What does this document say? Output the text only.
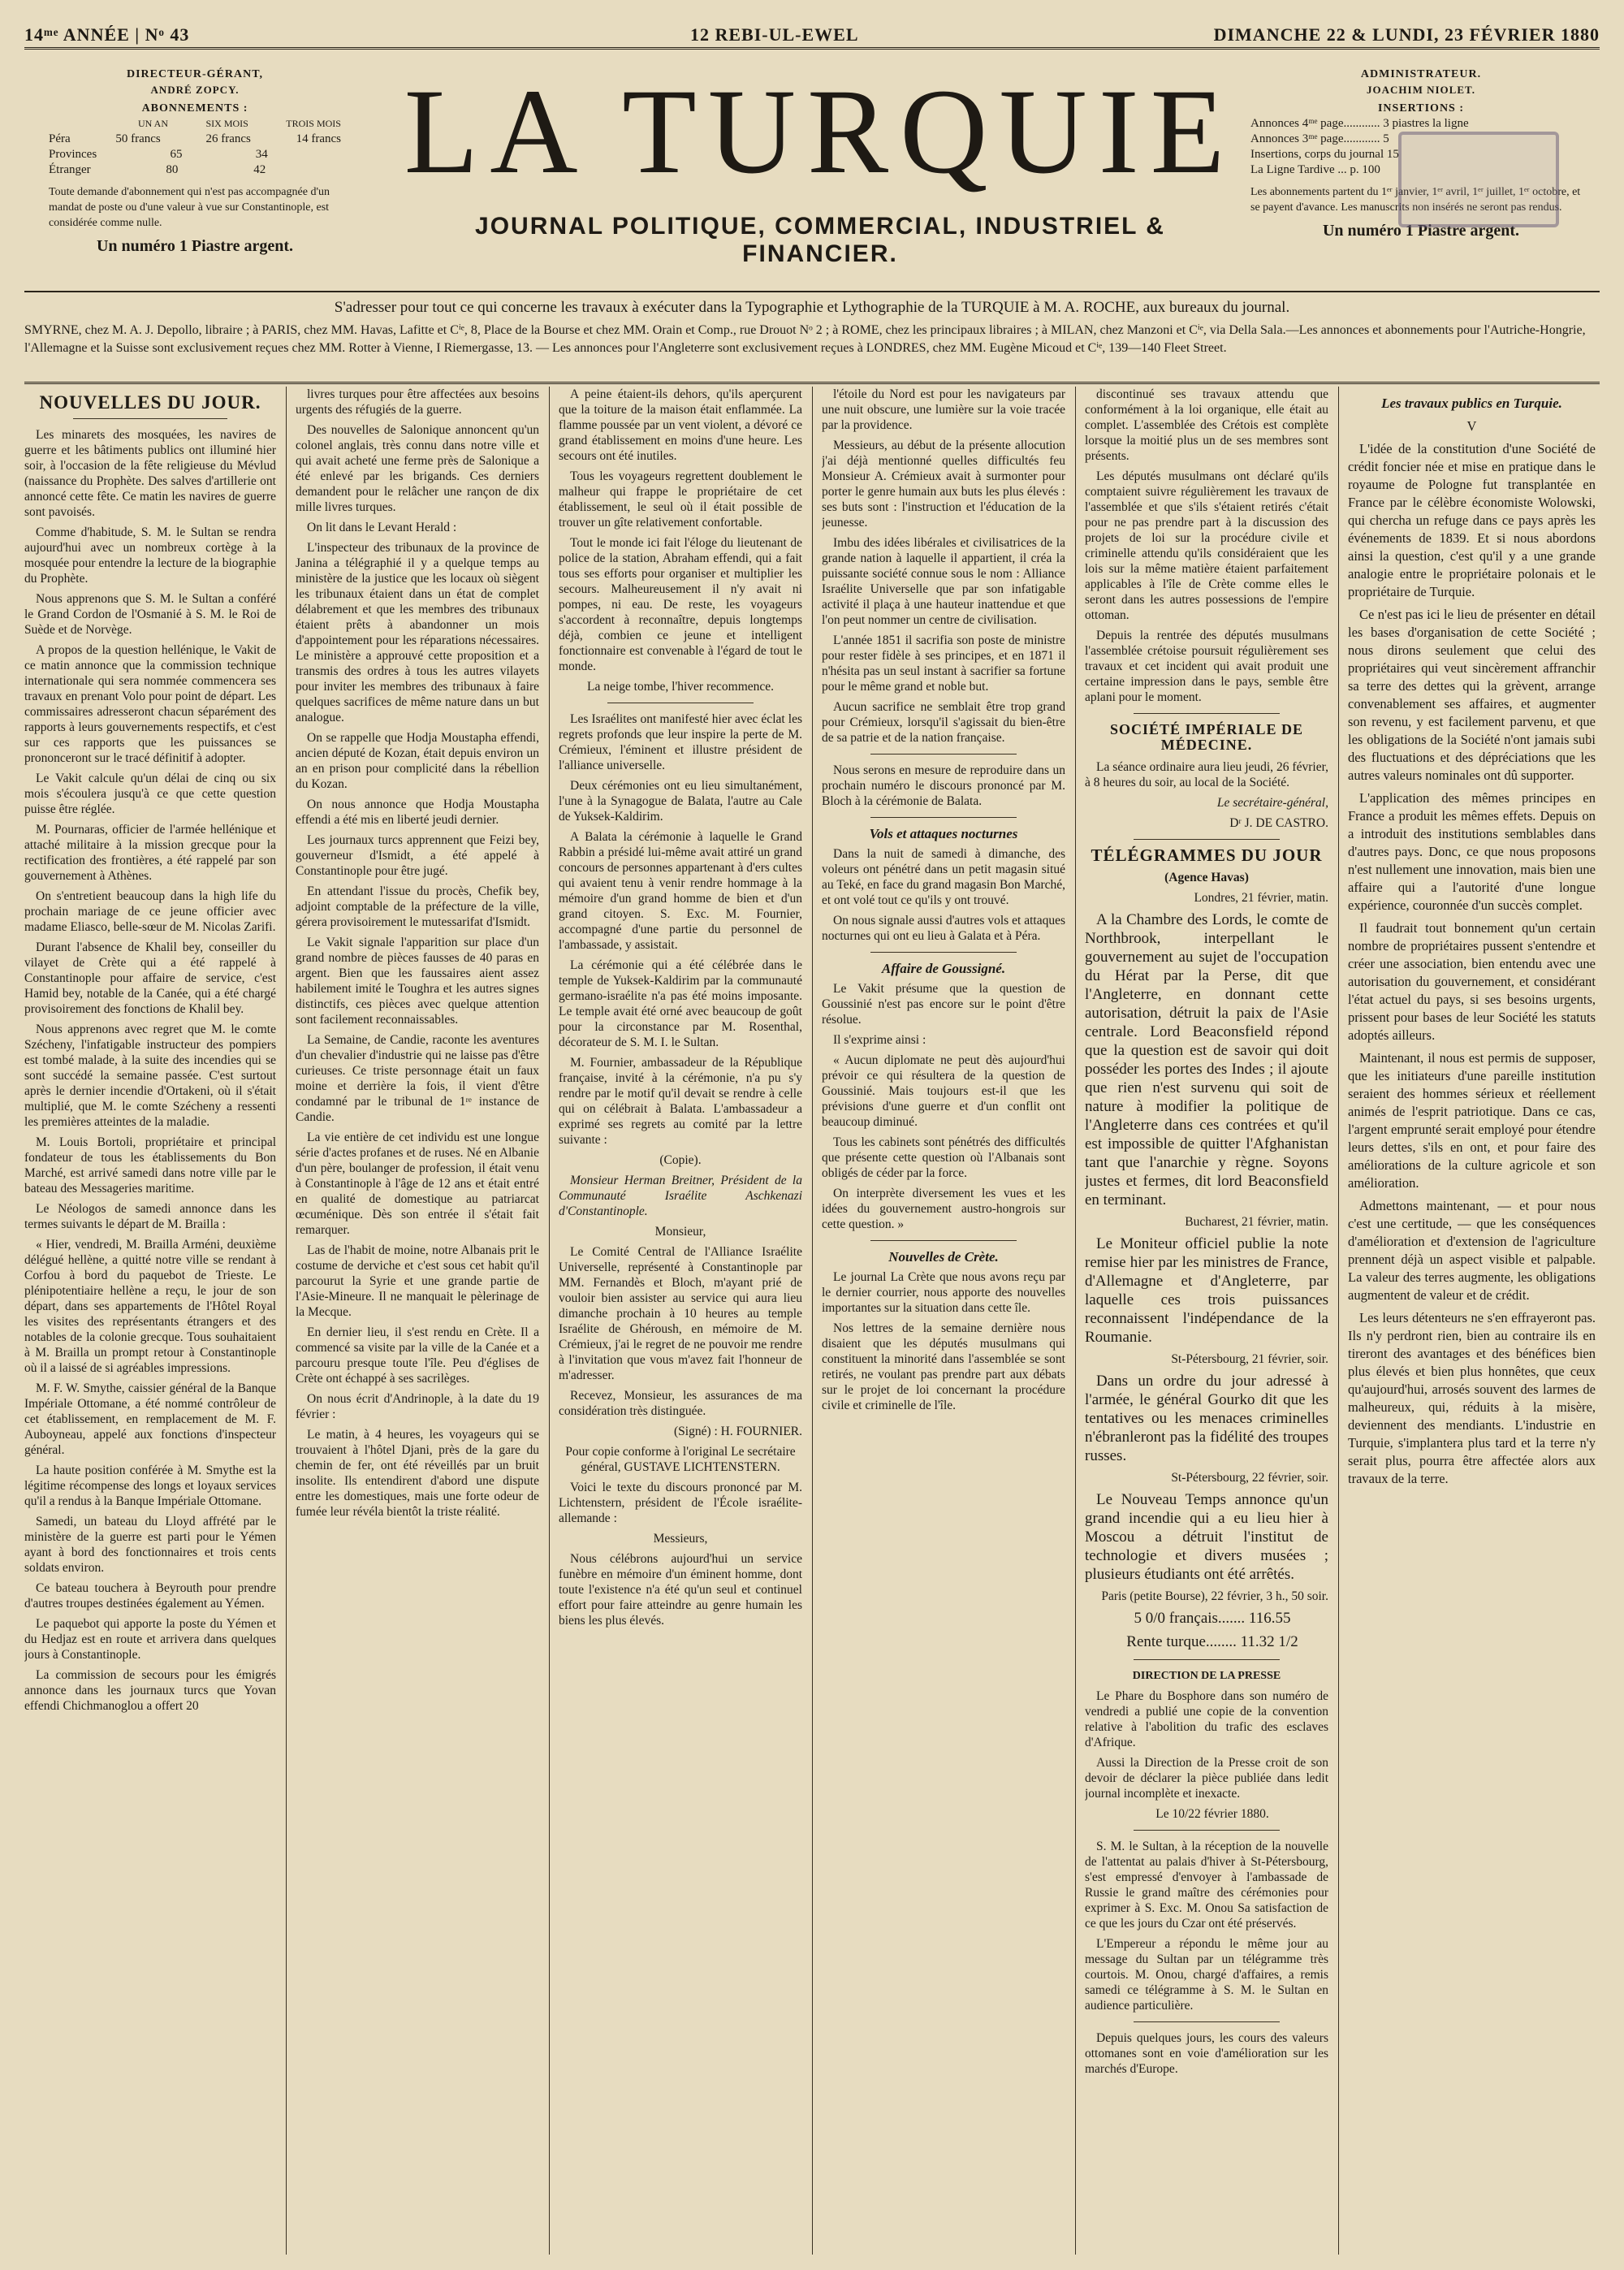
14ᵐᵉ ANNÉE | Nᵒ 43	12 REBI-UL-EWEL	DIMANCHE 22 & LUNDI, 23 FÉVRIER 1880
DIRECTEUR-GÉRANT,
ANDRÉ ZOPCY.
ABONNEMENTS :
UN AN	SIX MOIS	TROIS MOIS
Péra	50 francs	26 francs	14 francs
Provinces	65	34
Étranger	80	42
Toute demande d'abonnement qui n'est pas accompagnée d'un mandat de poste ou d'une valeur à vue sur Constantinople, est considérée comme nulle.
Un numéro 1 Piastre argent.
LA TURQUIE
JOURNAL POLITIQUE, COMMERCIAL, INDUSTRIEL & FINANCIER.
ADMINISTRATEUR.
JOACHIM NIOLET.
INSERTIONS :
Annonces 4ᵐᵉ page............ 3 piastres la ligne
Annonces 3ᵐᵉ page............ 5
Insertions, corps du journal 15
La Ligne Tardive ... p. 100
Les abonnements partent du 1ᵉʳ janvier, 1ᵉʳ avril, 1ᵉʳ juillet, 1ᵉʳ octobre, et se payent d'avance. Les manuscrits non insérés ne seront pas rendus.
Un numéro 1 Piastre argent.
S'adresser pour tout ce qui concerne les travaux à exécuter dans la Typographie et Lythographie de la TURQUIE à M. A. ROCHE, aux bureaux du journal.
SMYRNE, chez M. A. J. Depollo, libraire ; à PARIS, chez MM. Havas, Lafitte et Cⁱᵉ, 8, Place de la Bourse et chez MM. Orain et Comp., rue Drouot Nᵒ 2 ; à ROME, chez les principaux libraires ; à MILAN, chez Manzoni et Cⁱᵉ, via Della Sala.—Les annonces et abonnements pour l'Autriche-Hongrie, l'Allemagne et la Suisse sont exclusivement reçues chez MM. Rotter à Vienne, I Riemergasse, 13. — Les annonces pour l'Angleterre sont exclusivement reçues à LONDRES, chez MM. Eugène Micoud et Cⁱᵉ, 139—140 Fleet Street.
NOUVELLES DU JOUR.

Les minarets des mosquées, les navires de guerre et les bâtiments publics ont illuminé hier soir, à l'occasion de la fête religieuse du Mévlud (naissance du Prophète. Des salves d'artillerie ont annoncé cette fête. Ce matin les navires de guerre sont pavoisés.

Comme d'habitude, S. M. le Sultan se rendra aujourd'hui avec un nombreux cortège à la mosquée pour entendre la lecture de la biographie du Prophète.

Nous apprenons que S. M. le Sultan a conféré le Grand Cordon de l'Osmanié à S. M. le Roi de Suède et de Norvège.

A propos de la question hellénique, le Vakit de ce matin annonce que la commission technique internationale qui sera nommée commencera ses travaux en prenant Volo pour point de départ. Les commissaires adresseront chacun séparément des rapports à leurs gouvernements respectifs, et c'est sur ces rapports que les puissances se prononceront sur le tracé définitif à adopter.

Le Vakit calcule qu'un délai de cinq ou six mois s'écoulera jusqu'à ce que cette question puisse être réglée.

M. Pournaras, officier de l'armée hellénique et attaché militaire à la mission grecque pour la rectification des frontières, a été rappelé par son gouvernement à Athènes.

On s'entretient beaucoup dans la high life du prochain mariage de ce jeune officier avec madame Eliasco, belle-sœur de M. Nicolas Zarifi.

Durant l'absence de Khalil bey, conseiller du vilayet de Crète qui a été rappelé à Constantinople pour affaire de service, c'est Hamid bey, notable de la Canée, qui a été chargé provisoirement des fonctions de Khalil bey.

Nous apprenons avec regret que M. le comte Szécheny, l'infatigable instructeur des pompiers est tombé malade, à la suite des incendies qui se sont succédé la semaine passée. C'est surtout après le dernier incendie d'Ortakeni, où il s'était multiplié, que M. le comte Szécheny a ressenti les premières atteintes de la maladie.

M. Louis Bortoli, propriétaire et principal fondateur de tous les établissements du Bon Marché, est arrivé samedi dans notre ville par le bateau des Messageries maritime.

Le Néologos de samedi annonce dans les termes suivants le départ de M. Brailla :

« Hier, vendredi, M. Brailla Arméni, deuxième délégué hellène, a quitté notre ville se rendant à Corfou à bord du paquebot de Trieste. Le plénipotentiaire hellène a reçu, le jour de son départ, dans ses appartements de l'Hôtel Royal les visites des représentants étrangers et des notables de la colonie grecque. Tous souhaitaient à M. Brailla un prompt retour à Constantinople où il a laissé de si agréables impressions.

M. F. W. Smythe, caissier général de la Banque Impériale Ottomane, a été nommé contrôleur de cet établissement, en remplacement de M. F. Auboyneau, appelé aux fonctions d'inspecteur général.

La haute position conférée à M. Smythe est la légitime récompense des longs et loyaux services qu'il a rendus à la Banque Impériale Ottomane.

Samedi, un bateau du Lloyd affrété par le ministère de la guerre est parti pour le Yémen ayant à bord des fonctionnaires et trois cents soldats environ.

Ce bateau touchera à Beyrouth pour prendre d'autres troupes destinées également au Yémen.

Le paquebot qui apporte la poste du Yémen et du Hedjaz est en route et arrivera dans quelques jours à Constantinople.

La commission de secours pour les émigrés annonce dans les journaux turcs que Yovan effendi Chichmanoglou a offert 20

livres turques pour être affectées aux besoins urgents des réfugiés de la guerre.

Des nouvelles de Salonique annoncent qu'un colonel anglais, très connu dans notre ville et qui avait acheté une ferme près de Salonique a été enlevé par les brigands. Ces derniers demandent pour le relâcher une rançon de dix mille livres turques.

On lit dans le Levant Herald :

L'inspecteur des tribunaux de la province de Janina a télégraphié il y a quelque temps au ministère de la justice que les locaux où siègent les tribunaux étaient dans un état de complet délabrement et que les membres des tribunaux étaient prêts à abandonner un mois d'appointement pour les réparations nécessaires. Le ministère a approuvé cette proposition et a transmis des ordres à tous les autres vilayets pour inviter les membres des tribunaux à faire quelques sacrifices de même nature dans un but analogue.

On se rappelle que Hodja Moustapha effendi, ancien député de Kozan, était depuis environ un an en prison pour complicité dans la rébellion du Kozan.

On nous annonce que Hodja Moustapha effendi a été mis en liberté jeudi dernier.

Les journaux turcs apprennent que Feizi bey, gouverneur d'Ismidt, a été appelé à Constantinople pour être jugé.

En attendant l'issue du procès, Chefik bey, adjoint comptable de la préfecture de la ville, gérera provisoirement le mutessarifat d'Ismidt.

Le Vakit signale l'apparition sur place d'un grand nombre de pièces fausses de 40 paras en argent. Bien que les faussaires aient assez habilement imité le Toughra et les autres signes distinctifs, ces pièces avec quelque attention sont facilement reconnaissables.

La Semaine, de Candie, raconte les aventures d'un chevalier d'industrie qui ne laisse pas d'être curieuses. Ce triste personnage était un faux moine et derrière la fois, il vient d'être condamné par le tribunal de 1ʳᵉ instance de Candie.

La vie entière de cet individu est une longue série d'actes profanes et de ruses. Né en Albanie d'un père, boulanger de profession, il était venu à Constantinople à l'âge de 12 ans et était entré en qualité de domestique au patriarcat œcuménique. Dès son entrée il s'était fait remarquer.

Las de l'habit de moine, notre Albanais prit le costume de derviche et c'est sous cet habit qu'il parcourut la Syrie et une grande partie de l'Asie-Mineure. Il ne manquait le pèlerinage de la Mecque.

En dernier lieu, il s'est rendu en Crète. Il a commencé sa visite par la ville de la Canée et a parcouru presque toute l'île. Peu d'églises de Crète ont échappé à ses sacrilèges.

On nous écrit d'Andrinople, à la date du 19 février :

Le matin, à 4 heures, les voyageurs qui se trouvaient à l'hôtel Djani, près de la gare du chemin de fer, ont été réveillés par un bruit insolite. Ils entendirent d'abord une dispute entre les domestiques, mais une forte odeur de fumée leur révéla bientôt la triste réalité.

A peine étaient-ils dehors, qu'ils aperçurent que la toiture de la maison était enflammée. La flamme poussée par un vent violent, a dévoré ce grand établissement en moins d'une heure. Les secours ont été inutiles.

Tous les voyageurs regrettent doublement le malheur qui frappe le propriétaire de cet établissement, le seul où il était possible de trouver un gîte relativement confortable.

Tout le monde ici fait l'éloge du lieutenant de police de la station, Abraham effendi, qui a fait tous ses efforts pour organiser et multiplier les secours. Malheureusement il n'y avait ni pompes, ni eau. De reste, les voyageurs s'accordent à reconnaître, depuis longtemps déjà, combien ce jeune et intelligent fonctionnaire est convenable à l'égard de tout le monde.

La neige tombe, l'hiver recommence.

Les Israélites ont manifesté hier avec éclat les regrets profonds que leur inspire la perte de M. Crémieux, l'éminent et illustre président de l'alliance universelle.

Deux cérémonies ont eu lieu simultanément, l'une à la Synagogue de Balata, l'autre au Cale de Yuksek-Kaldirim.

A Balata la cérémonie à laquelle le Grand Rabbin a présidé lui-même avait attiré un grand concours de personnes appartenant à d'ers cultes qui avaient tenu à venir rendre hommage à la mémoire d'un grand homme de bien et d'un grand citoyen. S. Exc. M. Fournier, accompagné d'une partie du personnel de l'ambassade, y assistait.

La cérémonie qui a été célébrée dans le temple de Yuksek-Kaldirim par la communauté germano-israélite n'a pas été moins imposante. Le temple avait été orné avec beaucoup de goût pour la circonstance par M. Rosenthal, décorateur de S. M. I. le Sultan.

M. Fournier, ambassadeur de la République française, invité à la cérémonie, n'a pu s'y rendre par le motif qu'il devait se rendre à celle qui on célébrait à Balata. L'ambassadeur a exprimé ses regrets au comité par la lettre suivante :

(Copie).

Monsieur Herman Breitner, Président de la Communauté Israélite Aschkenazi d'Constantinople.

Monsieur,

Le Comité Central de l'Alliance Israélite Universelle, représenté à Constantinople par MM. Fernandès et Bloch, m'ayant prié de vouloir bien assister au service qui aura lieu dimanche prochain à 10 heures au temple Israélite de Ghéroush, en mémoire de M. Crémieux, j'ai le regret de ne pouvoir me rendre à l'invitation que vous m'avez fait l'honneur de m'adresser.

Recevez, Monsieur, les assurances de ma considération très distinguée.

(Signé) : H. FOURNIER.

Pour copie conforme à l'original Le secrétaire général, GUSTAVE LICHTENSTERN.

Voici le texte du discours prononcé par M. Lichtenstern, président de l'École israélite-allemande :

Messieurs,

Nous célébrons aujourd'hui un service funèbre en mémoire d'un éminent homme, dont toute l'existence n'a été qu'un seul et continuel effort pour faire atteindre au genre humain les biens les plus élevés.

l'étoile du Nord est pour les navigateurs par une nuit obscure, une lumière sur la voie tracée par la providence.

Messieurs, au début de la présente allocution j'ai déjà mentionné quelles difficultés feu Monsieur A. Crémieux avait à surmonter pour porter le genre humain aux buts les plus élevés : ses buts sont : l'instruction et l'éducation de la jeunesse.

Imbu des idées libérales et civilisatrices de la grande nation à laquelle il appartient, il créa la puissante société connue sous le nom : Alliance Israélite Universelle que par son infatigable activité il plaça à une hauteur inattendue et que l'on peut nommer un centre de civilisation.

L'année 1851 il sacrifia son poste de ministre pour rester fidèle à ses principes, et en 1871 il n'hésita pas un seul instant à sacrifier sa fortune pour le même grand et noble but.

Aucun sacrifice ne semblait être trop grand pour Crémieux, lorsqu'il s'agissait du bien-être de sa patrie et de la nation française.

Nous serons en mesure de reproduire dans un prochain numéro le discours prononcé par M. Bloch à la cérémonie de Balata.

Vols et attaques nocturnes

Dans la nuit de samedi à dimanche, des voleurs ont pénétré dans un petit magasin situé au Teké, en face du grand magasin Bon Marché, et ont volé tout ce qu'ils y ont trouvé.

On nous signale aussi d'autres vols et attaques nocturnes qui ont eu lieu à Galata et à Péra.

Affaire de Goussigné.

Le Vakit présume que la question de Goussinié n'est pas encore sur le point d'être résolue.

Il s'exprime ainsi :

« Aucun diplomate ne peut dès aujourd'hui prévoir ce qui résultera de la question de Goussinié. Mais toujours est-il que les prévisions d'une guerre et d'un conflit ont beaucoup diminué.

Tous les cabinets sont pénétrés des difficultés que présente cette question où l'Albanais sont obligés de céder par la force.

On interprète diversement les vues et les idées du gouvernement austro-hongrois sur cette question. »

Nouvelles de Crète.

Le journal La Crète que nous avons reçu par le dernier courrier, nous apporte des nouvelles importantes sur la situation dans cette île.

Nos lettres de la semaine dernière nous disaient que les députés musulmans qui constituent la minorité dans l'assemblée se sont retirés, ne voulant pas prendre part aux débats sur le projet de loi concernant la procédure civile et criminelle de l'île.

discontinué ses travaux attendu que conformément à la loi organique, elle était au complet. L'assemblée des Crétois est complète lorsque la moitié plus un de ses membres sont présents.

Les députés musulmans ont déclaré qu'ils comptaient suivre régulièrement les travaux de l'assemblée et que s'ils s'étaient retirés c'était pour ne pas prendre part à la discussion des projets de loi sur la procédure civile et criminelle attendu qu'ils considéraient que les lois sur la même matière étaient parfaitement applicables à l'île de Crète comme elles le seront dans les autres possessions de l'empire ottoman.

Depuis la rentrée des députés musulmans l'assemblée crétoise poursuit régulièrement ses travaux et cet incident qui avait produit une certaine impression dans le pays, semble être aplani pour le moment.

SOCIÉTÉ IMPÉRIALE DE MÉDECINE.

La séance ordinaire aura lieu jeudi, 26 février, à 8 heures du soir, au local de la Société.

Le secrétaire-général,

Dʳ J. DE CASTRO.

TÉLÉGRAMMES DU JOUR

(Agence Havas)

Londres, 21 février, matin.

A la Chambre des Lords, le comte de Northbrook, interpellant le gouvernement au sujet de l'occupation du Hérat par la Perse, dit que l'Angleterre, en donnant cette autorisation, détruit la paix de l'Asie centrale. Lord Beaconsfield répond que la question est de savoir qui doit posséder les portes des Indes ; il ajoute que rien n'est survenu qui soit de nature à modifier la politique de l'Angleterre dans ces contrées et qu'il est impossible de quitter l'Afghanistan tant que l'anarchie y règne. Soyons justes et fermes, dit lord Beaconsfield en terminant.

Bucharest, 21 février, matin.

Le Moniteur officiel publie la note remise hier par les ministres de France, d'Allemagne et d'Angleterre, par laquelle ces trois puissances reconnaissent l'indépendance de la Roumanie.

St-Pétersbourg, 21 février, soir.

Dans un ordre du jour adressé à l'armée, le général Gourko dit que les tentatives ou les menaces criminelles n'ébranleront pas la fidélité des troupes russes.

St-Pétersbourg, 22 février, soir.

Le Nouveau Temps annonce qu'un grand incendie qui a eu lieu hier à Moscou a détruit l'institut de technologie et divers musées ; plusieurs étudiants ont été arrêtés.

Paris (petite Bourse), 22 février, 3 h., 50 soir.

5 0/0 français....... 116.55

Rente turque........ 11.32 1/2

DIRECTION DE LA PRESSE

Le Phare du Bosphore dans son numéro de vendredi a publié une copie de la convention relative à l'abolition du trafic des esclaves d'Afrique.

Aussi la Direction de la Presse croit de son devoir de déclarer la pièce publiée dans ledit journal incomplète et inexacte.

Le 10/22 février 1880.

S. M. le Sultan, à la réception de la nouvelle de l'attentat au palais d'hiver à St-Pétersbourg, s'est empressé d'envoyer à l'ambassade de Russie le grand maître des cérémonies pour exprimer à S. Exc. M. Onou Sa satisfaction de ce que les jours du Czar ont été préservés.

L'Empereur a répondu le même jour au message du Sultan par un télégramme très courtois. M. Onou, chargé d'affaires, a remis samedi ce télégramme à S. M. le Sultan en audience particulière.

Depuis quelques jours, les cours des valeurs ottomanes sont en voie d'amélioration sur les marchés d'Europe.

Les travaux publics en Turquie.

V

L'idée de la constitution d'une Société de crédit foncier née et mise en pratique dans le royaume de Pologne fut transplantée en France par le célèbre économiste Wolowski, qui chercha un refuge dans ce pays après les événements de 1839. Et si nous abordons ainsi la question, c'est qu'il y a une grande analogie entre le propriétaire polonais et le propriétaire de Turquie.

Ce n'est pas ici le lieu de présenter en détail les bases d'organisation de cette Société ; nous dirons seulement que celui des propriétaires qui veut sincèrement affranchir sa terre des dettes qui la grèvent, arrange convenablement ses affaires, et augmenter son revenu, y est facilement parvenu, et que les obligations de la Société n'ont jamais subi des fluctuations et des dépréciations que les autres valeurs nominales ont dû supporter.

L'application des mêmes principes en France a produit les mêmes effets. Depuis on a introduit des institutions semblables dans d'autres pays. Donc, ce que nous proposons n'est nullement une innovation, mais bien une affaire qui a l'autorité d'une longue expérience, couronnée d'un succès complet.

Il faudrait tout bonnement qu'un certain nombre de propriétaires pussent s'entendre et créer une association, bien entendu avec une autorisation du gouvernement, et considérant l'état actuel du pays, si ses besoins urgents, prissent pour bases de leur Société les statuts adoptés ailleurs.

Maintenant, il nous est permis de supposer, que les initiateurs d'une pareille institution seraient des hommes sérieux et réellement animés de l'esprit patriotique. Dans ce cas, l'argent emprunté serait employé pour étendre leurs dettes, s'ils en ont, et pour faire des améliorations de la culture agricole et son amélioration.

Admettons maintenant, — et pour nous c'est une certitude, — que les conséquences d'amélioration et d'extension de l'agriculture prennent déjà un aspect visible et palpable. La valeur des terres augmente, les obligations augmentent de valeur et de crédit.

Les leurs détenteurs ne s'en effrayeront pas. Ils n'y perdront rien, bien au contraire ils en tireront des avantages et des bénéfices bien plus élevés et bien plus honnêtes, que ceux qu'aujourd'hui, arrosés souvent des larmes de malheureux, qui, réduits à la misère, deviennent des mendiants. L'industrie en Turquie, s'implantera plus tard et la terre n'y serait plus, pourra être affectée alors aux travaux de la terre.
